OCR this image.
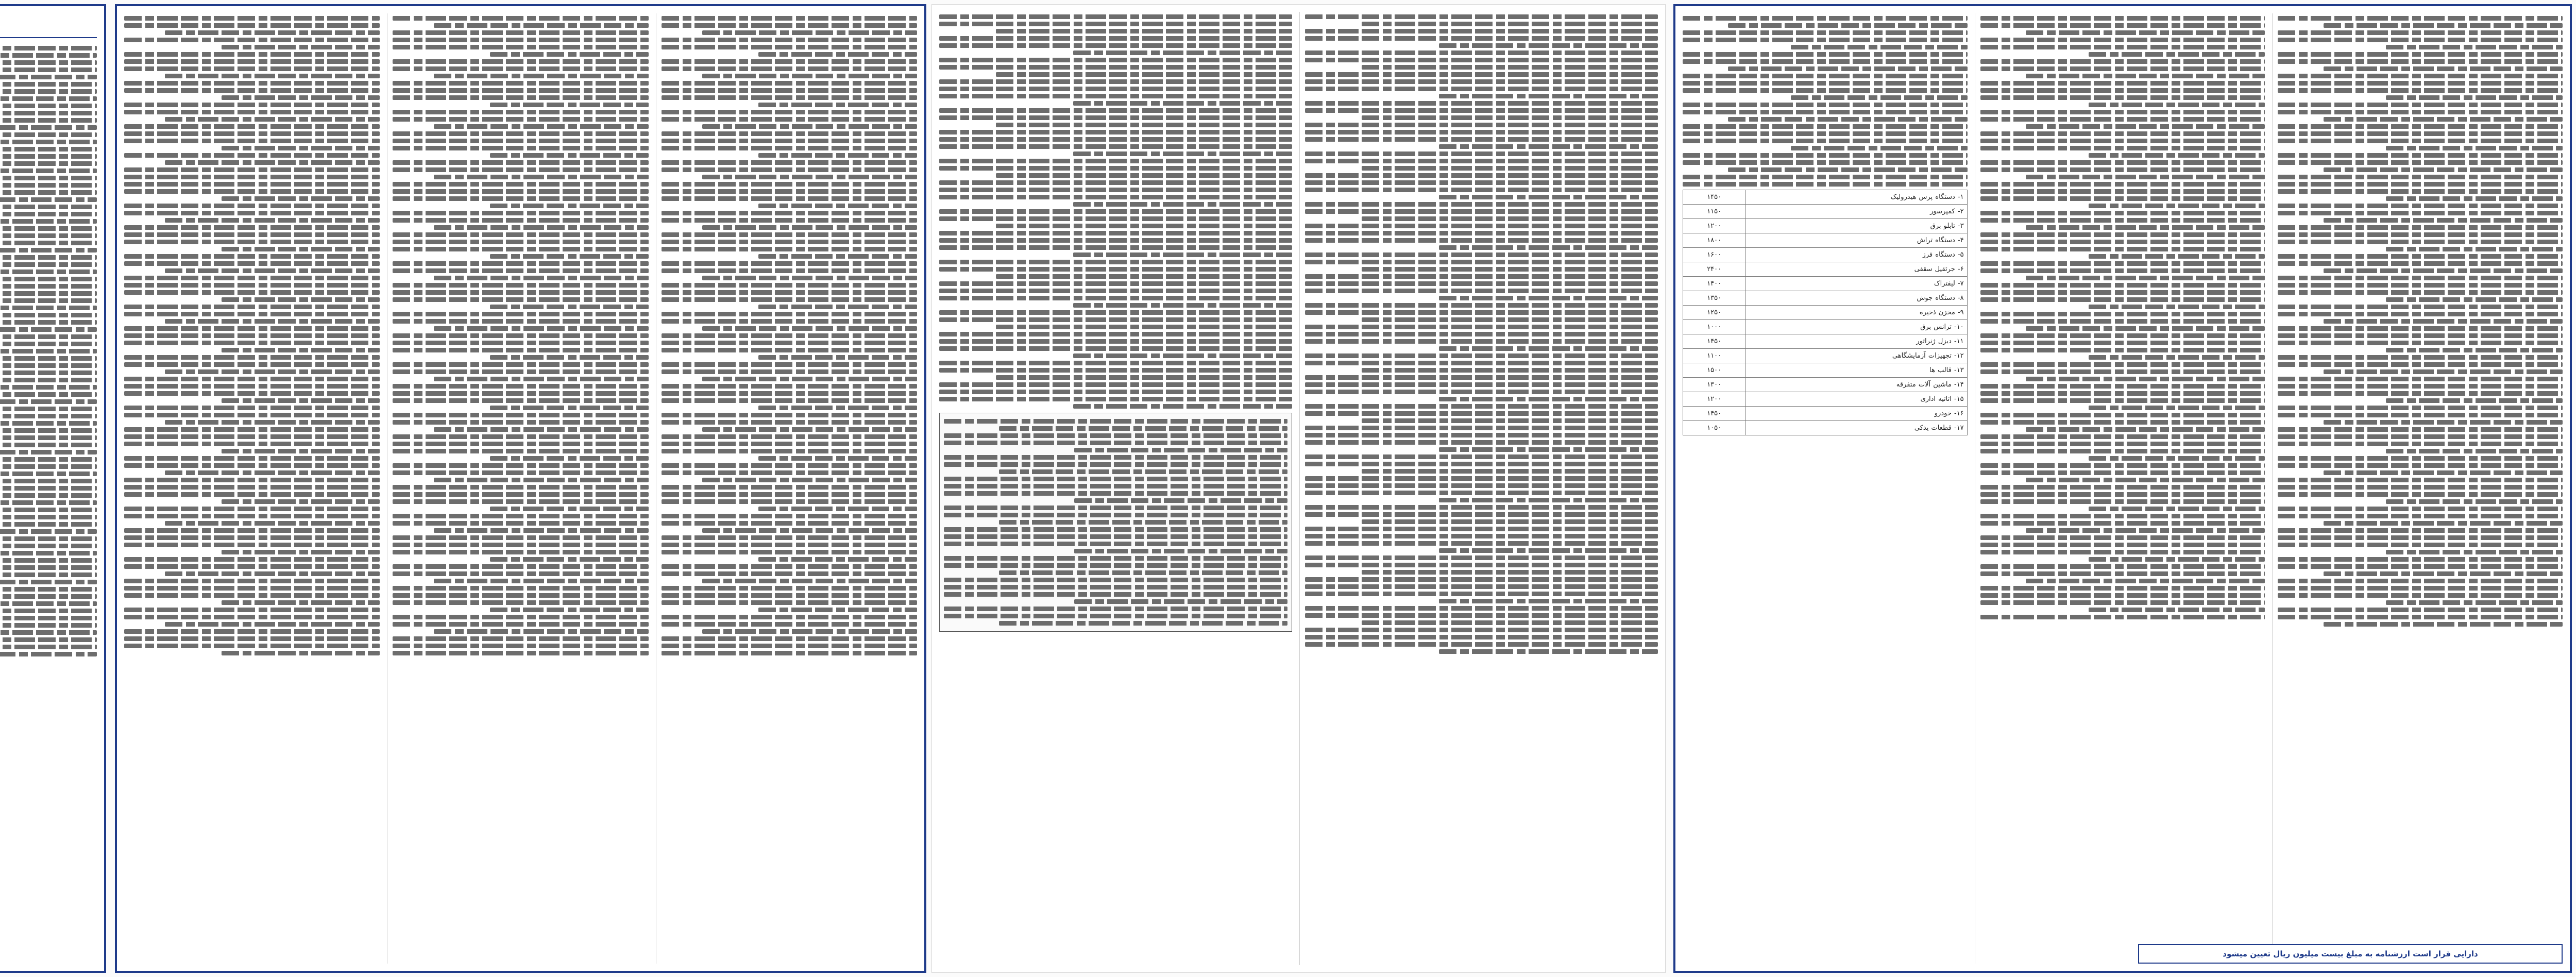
۱- دستگاه پرس هیدرولیک	۱۴۵۰
۲- کمپرسور	۱۱۵۰
۳- تابلو برق	۱۲۰۰
۴- دستگاه تراش	۱۸۰۰
۵- دستگاه فرز	۱۶۰۰
۶- جرثقیل سقفی	۲۴۰۰
۷- لیفتراک	۱۴۰۰
۸- دستگاه جوش	۱۳۵۰
۹- مخزن ذخیره	۱۲۵۰
۱۰- ترانس برق	۱۰۰۰
۱۱- دیزل ژنراتور	۱۴۵۰
۱۲- تجهیزات آزمایشگاهی	۱۱۰۰
۱۳- قالب ها	۱۵۰۰
۱۴- ماشین آلات متفرقه	۱۳۰۰
۱۵- اثاثیه اداری	۱۲۰۰
۱۶- خودرو	۱۴۵۰
۱۷- قطعات یدکی	۱۰۵۰
دارایی قرار است ارزشنامه به مبلغ بیست میلیون ریال تعیین میشود
